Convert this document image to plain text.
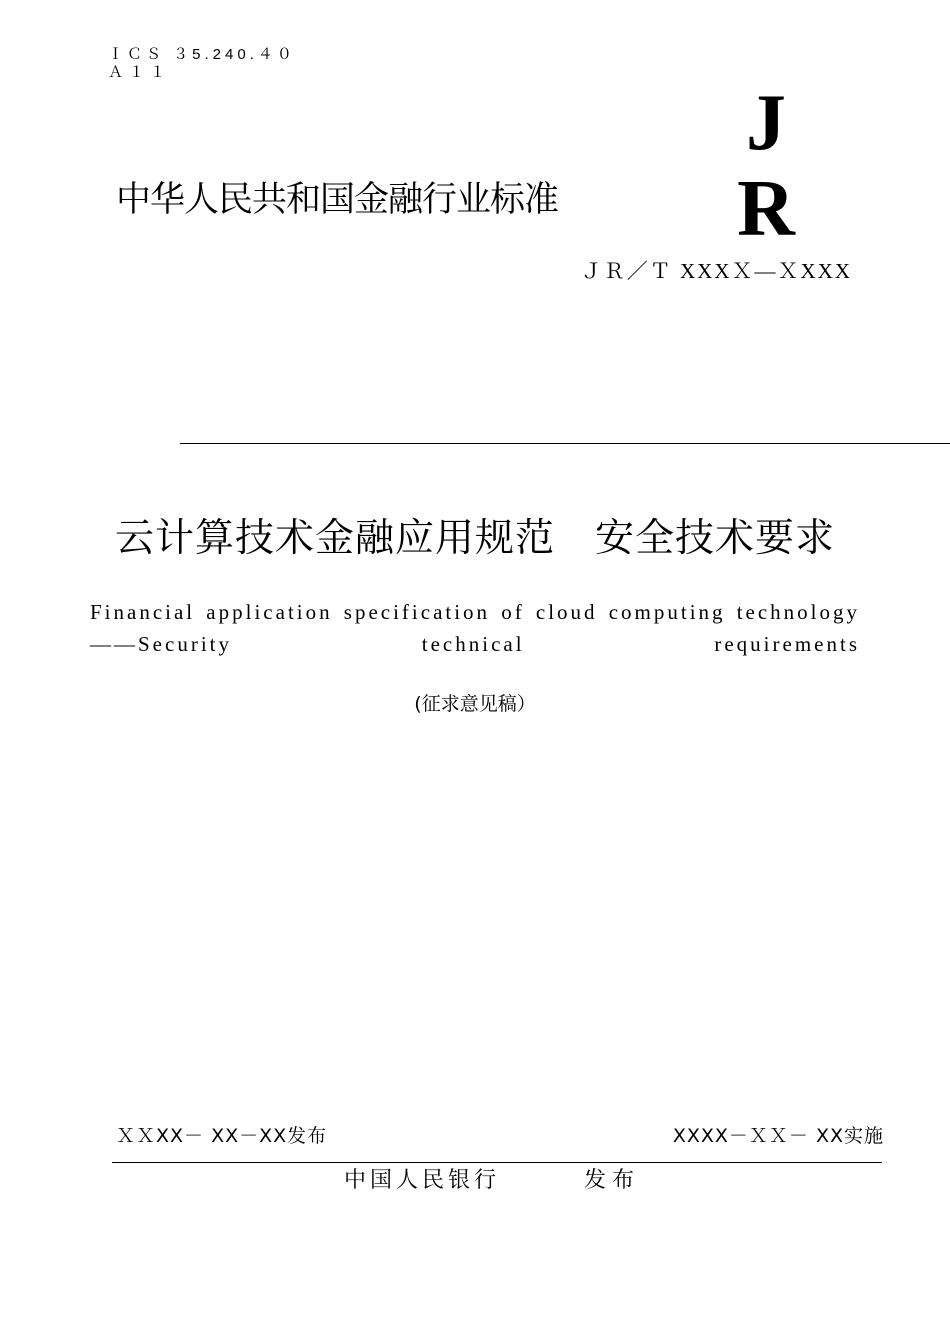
ＩＣＳ ３5.240.４０
Ａ１１
JR
中华人民共和国金融行业标准
ＪＲ／Ｔ XXXＸ—ＸXXX
云计算技术金融应用规范　安全技术要求
Financial application specification of cloud computing technology——Security technical requirements
(征求意见稿）
ＸＸXX－ XX－XX发布	XXXX－ＸＸ－ XX实施
中国人民银行	发布
